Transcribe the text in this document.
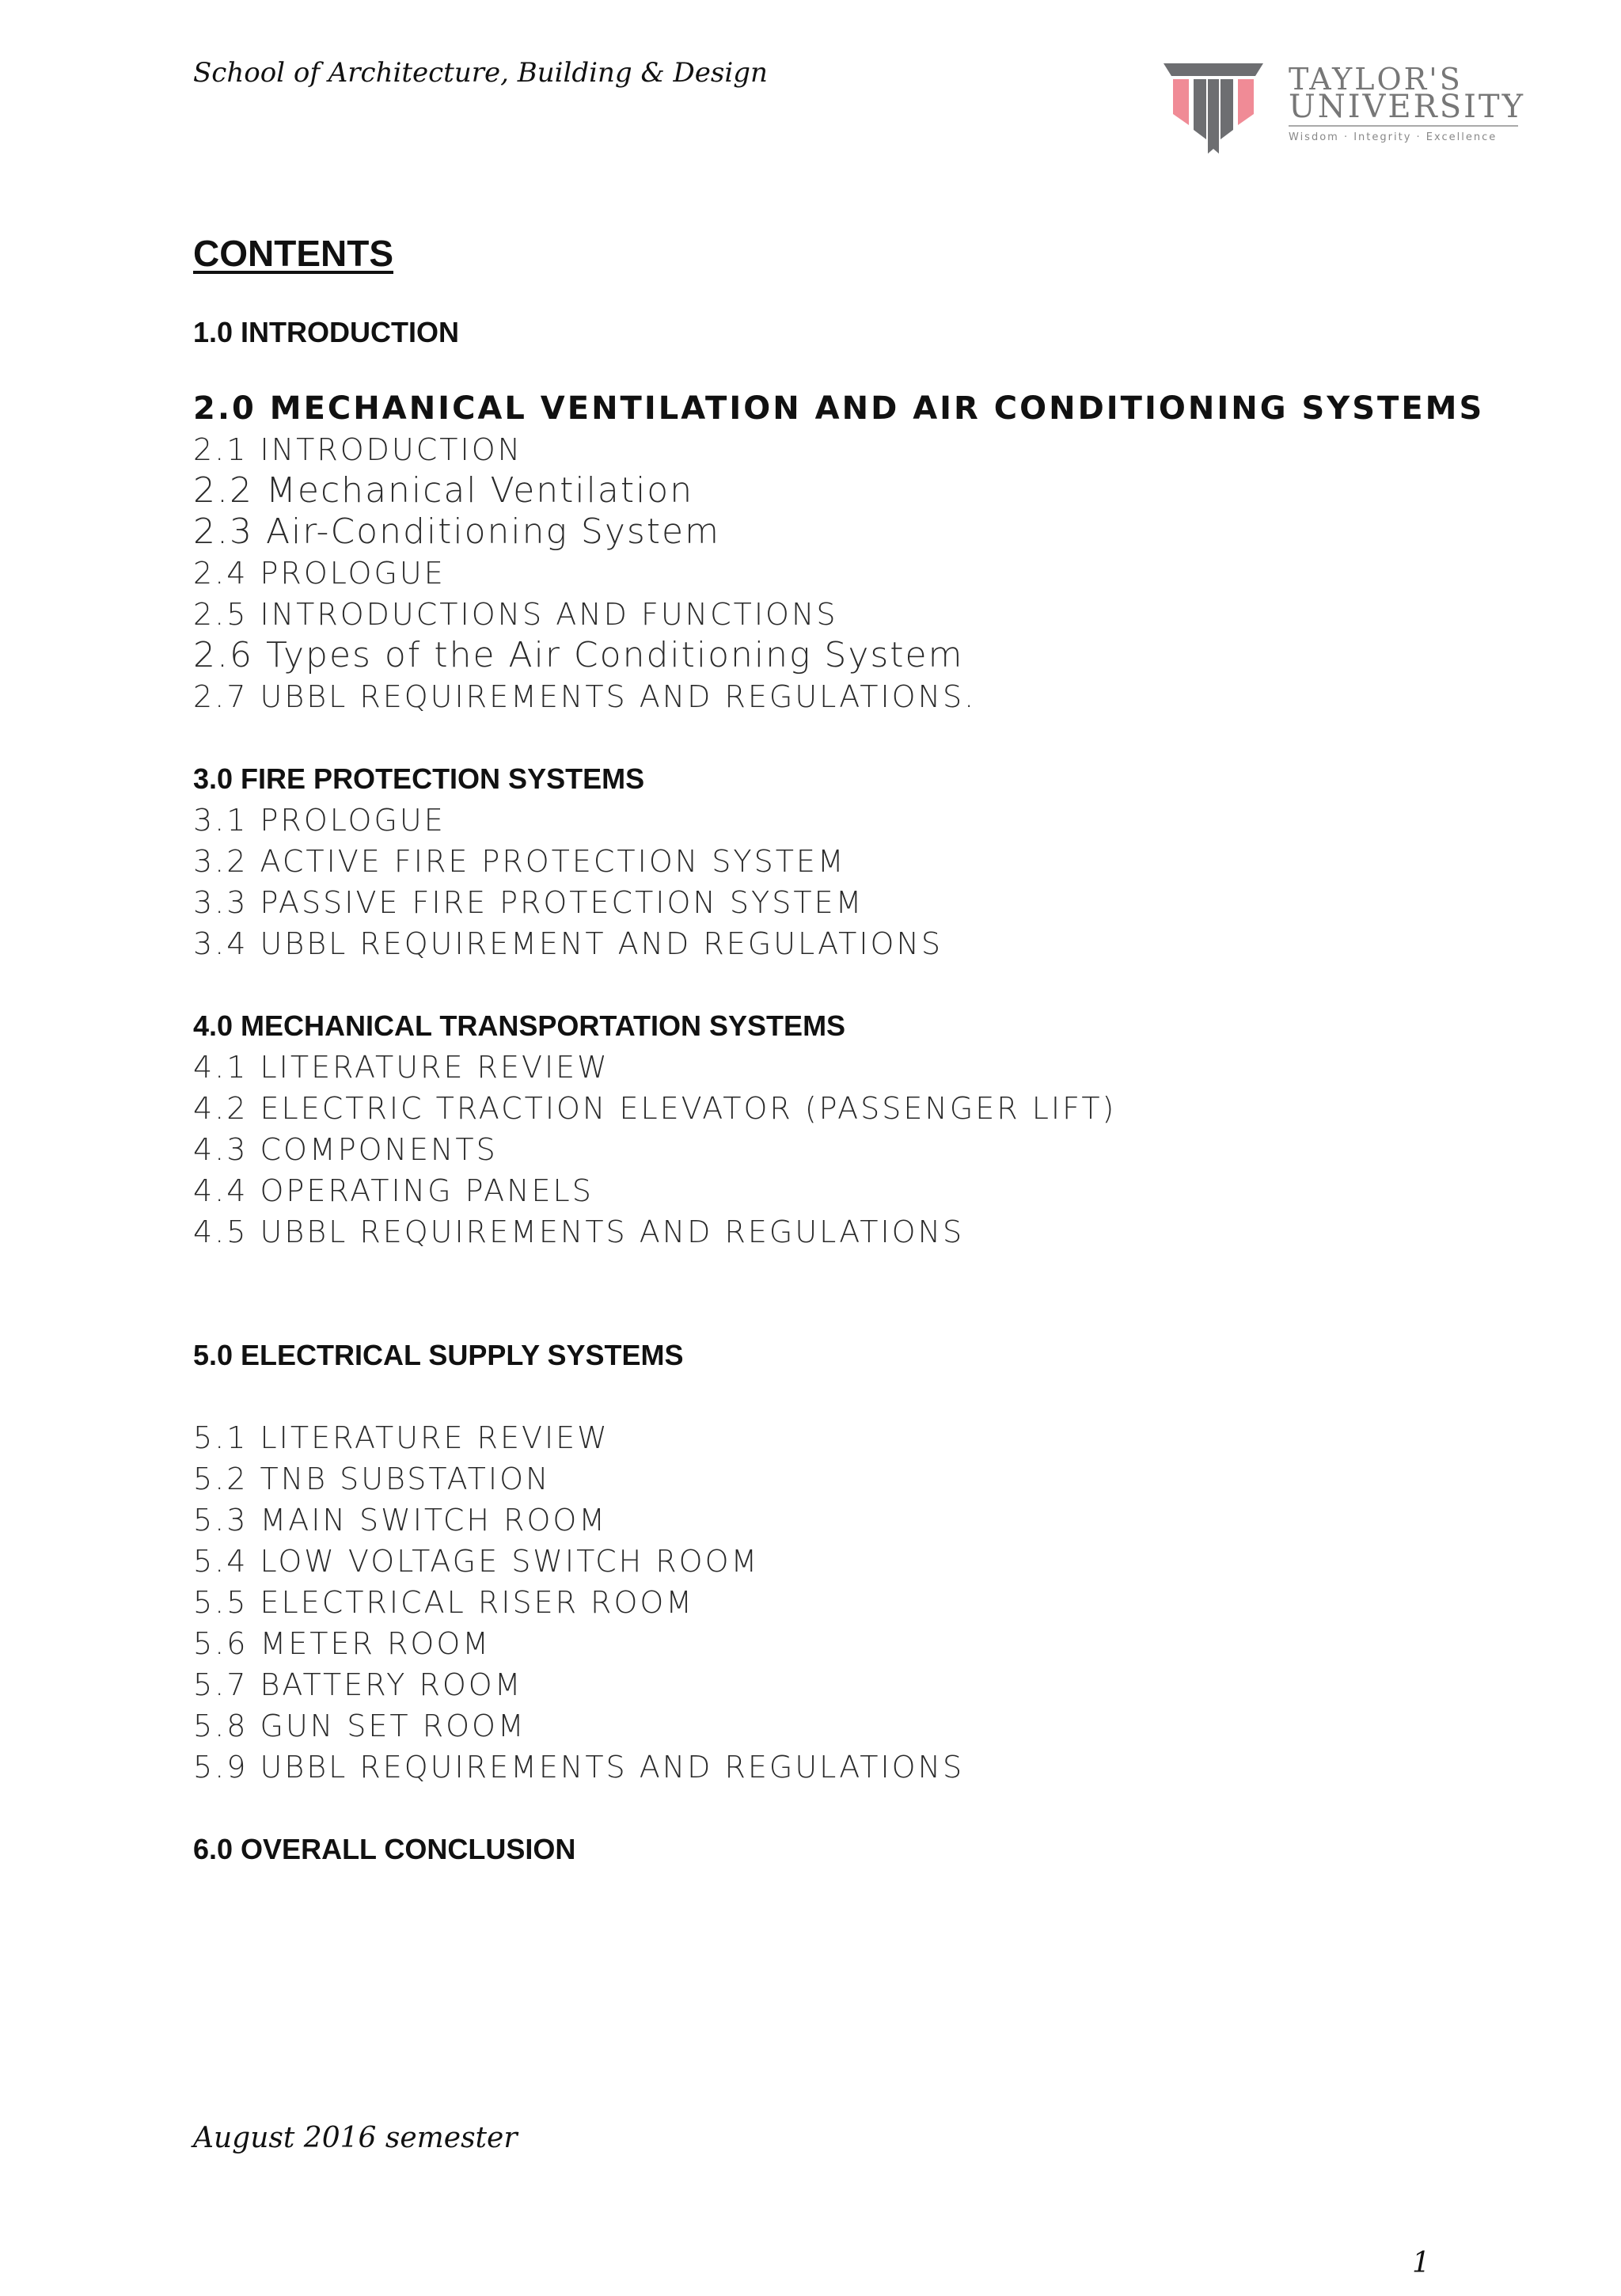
School of Architecture, Building & Design	TAYLOR'S
UNIVERSITY
Wisdom · Integrity · Excellence
CONTENTS

1.0 INTRODUCTION

2.0 MECHANICAL VENTILATION AND AIR CONDITIONING SYSTEMS

2.1 INTRODUCTION

2.2 Mechanical Ventilation

2.3 Air-Conditioning System

2.4 PROLOGUE

2.5 INTRODUCTIONS AND FUNCTIONS

2.6 Types of the Air Conditioning System

2.7 UBBL REQUIREMENTS AND REGULATIONS.

3.0 FIRE PROTECTION SYSTEMS

3.1 PROLOGUE

3.2 ACTIVE FIRE PROTECTION SYSTEM

3.3 PASSIVE FIRE PROTECTION SYSTEM

3.4 UBBL REQUIREMENT AND REGULATIONS

4.0 MECHANICAL TRANSPORTATION SYSTEMS

4.1 LITERATURE REVIEW

4.2 ELECTRIC TRACTION ELEVATOR (PASSENGER LIFT)

4.3 COMPONENTS

4.4 OPERATING PANELS

4.5 UBBL REQUIREMENTS AND REGULATIONS

5.0 ELECTRICAL SUPPLY SYSTEMS

5.1 LITERATURE REVIEW

5.2 TNB SUBSTATION

5.3 MAIN SWITCH ROOM

5.4 LOW VOLTAGE SWITCH ROOM

5.5 ELECTRICAL RISER ROOM

5.6 METER ROOM

5.7 BATTERY ROOM

5.8 GUN SET ROOM

5.9 UBBL REQUIREMENTS AND REGULATIONS

6.0 OVERALL CONCLUSION

August 2016 semester
1
